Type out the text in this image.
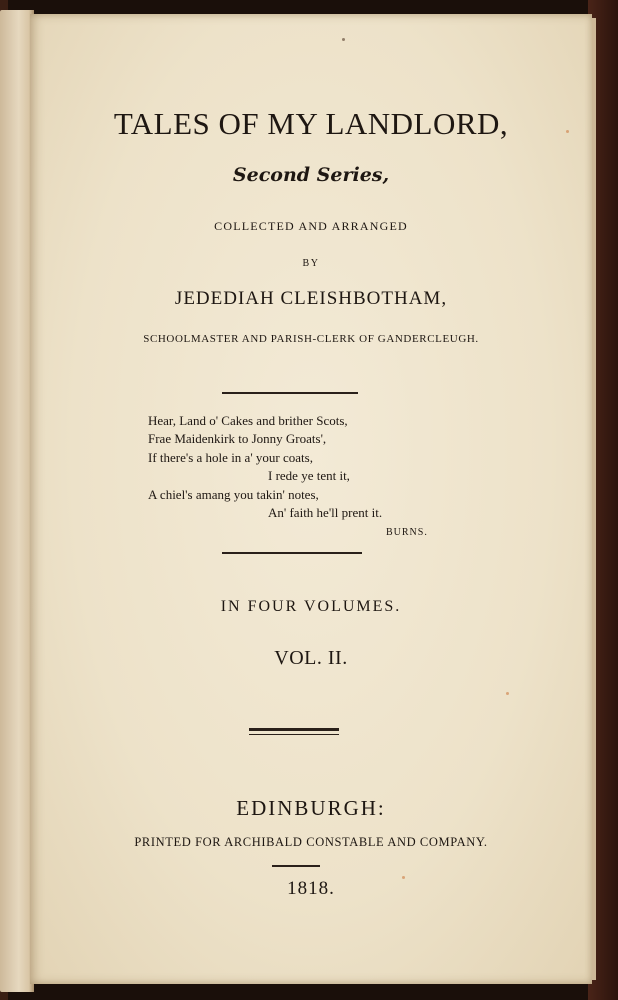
TALES OF MY LANDLORD,
Second Series,
COLLECTED AND ARRANGED
BY
JEDEDIAH CLEISHBOTHAM,
SCHOOLMASTER AND PARISH-CLERK OF GANDERCLEUGH.
Hear, Land o' Cakes and brither Scots,
Frae Maidenkirk to Jonny Groats',
If there's a hole in a' your coats,
I rede ye tent it,
A chiel's amang you takin' notes,
An' faith he'll prent it.
BURNS.
IN FOUR VOLUMES.
VOL. II.
EDINBURGH:
PRINTED FOR ARCHIBALD CONSTABLE AND COMPANY.
1818.
